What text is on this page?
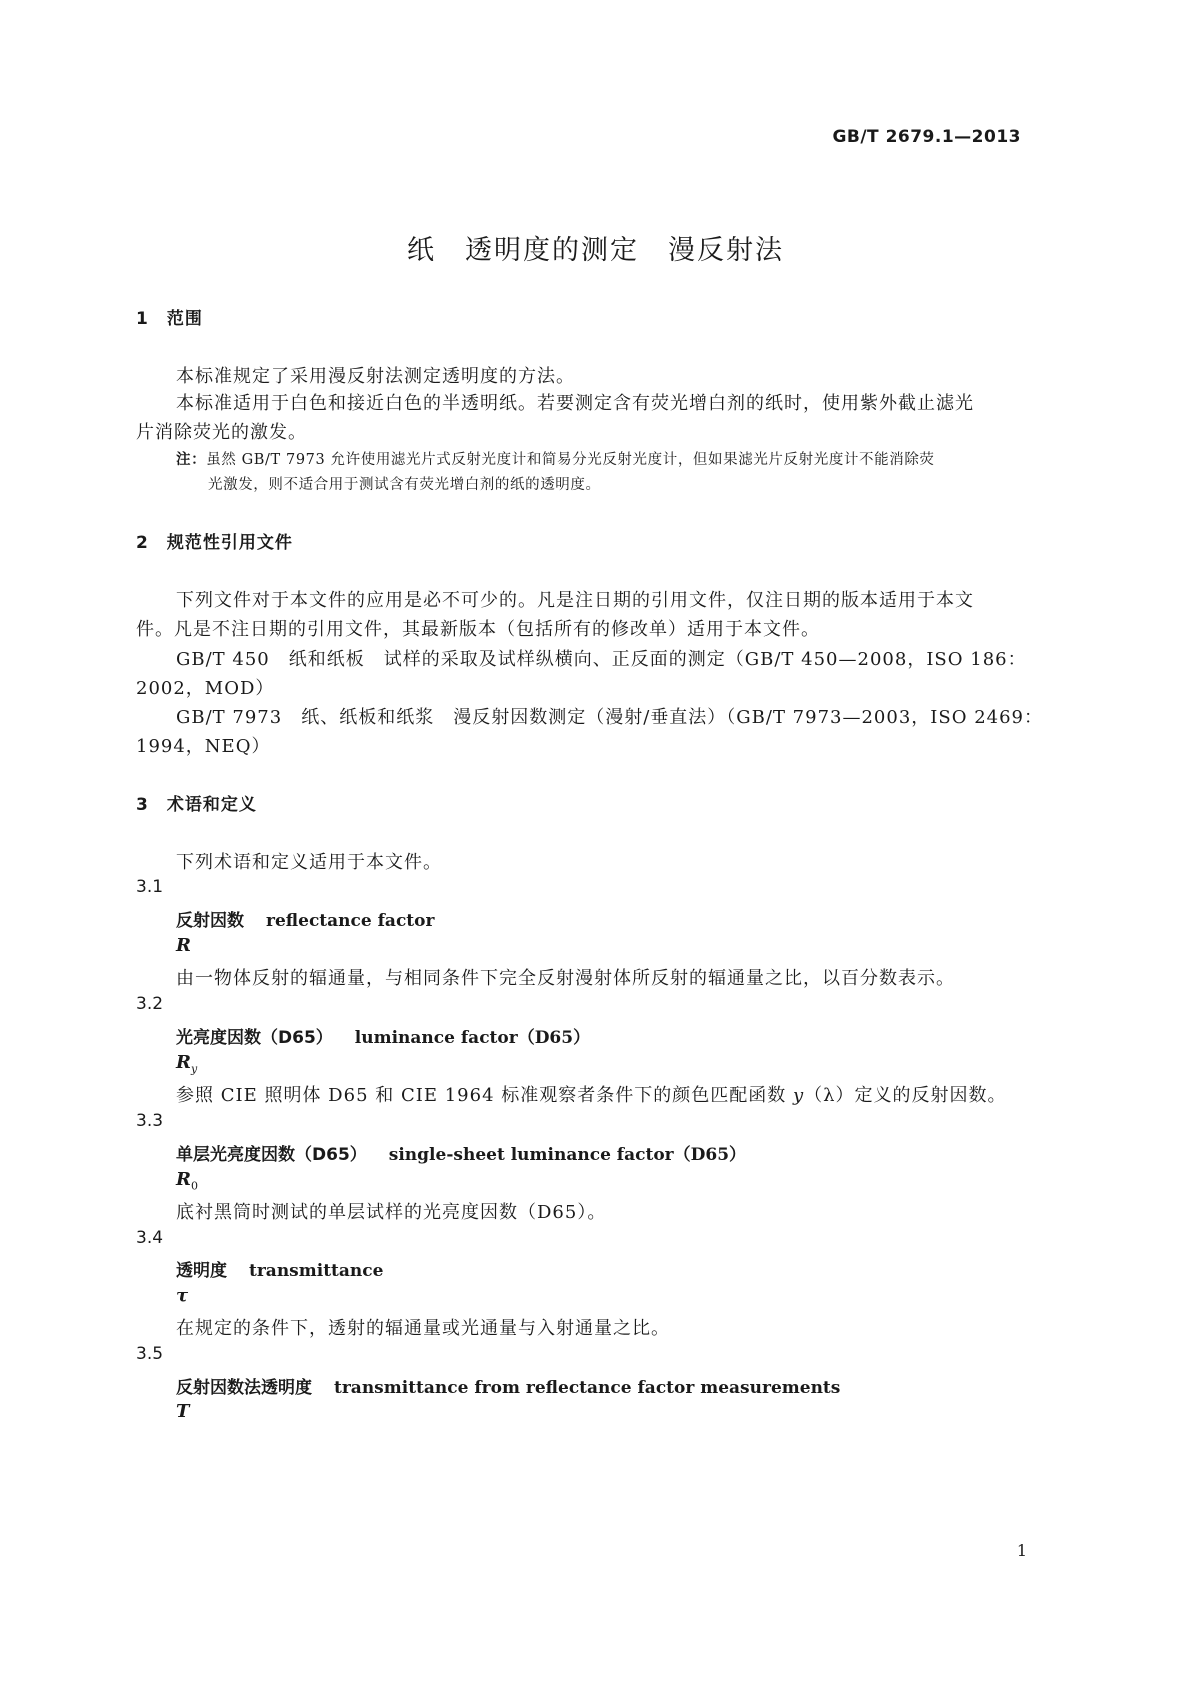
GB/T 2679.1—2013
纸　透明度的测定　漫反射法
1　范围
本标准规定了采用漫反射法测定透明度的方法。
本标准适用于白色和接近白色的半透明纸。若要测定含有荧光增白剂的纸时，使用紫外截止滤光
片消除荧光的激发。
注：虽然 GB/T 7973 允许使用滤光片式反射光度计和简易分光反射光度计，但如果滤光片反射光度计不能消除荧
光激发，则不适合用于测试含有荧光增白剂的纸的透明度。
2　规范性引用文件
下列文件对于本文件的应用是必不可少的。凡是注日期的引用文件，仅注日期的版本适用于本文
件。凡是不注日期的引用文件，其最新版本（包括所有的修改单）适用于本文件。
GB/T 450　纸和纸板　试样的采取及试样纵横向、正反面的测定（GB/T 450—2008，ISO 186：
2002，MOD）
GB/T 7973　纸、纸板和纸浆　漫反射因数测定（漫射/垂直法）（GB/T 7973—2003，ISO 2469：
1994，NEQ）
3　术语和定义
下列术语和定义适用于本文件。
3.1
反射因数 reflectance factor
R
由一物体反射的辐通量，与相同条件下完全反射漫射体所反射的辐通量之比，以百分数表示。
3.2
光亮度因数（D65） luminance factor（D65）
$R_y$
参照 CIE 照明体 D65 和 CIE 1964 标准观察者条件下的颜色匹配函数 y（λ）定义的反射因数。
3.3
单层光亮度因数（D65） single-sheet luminance factor（D65）
$R_0$
底衬黑筒时测试的单层试样的光亮度因数（D65）。
3.4
透明度 transmittance
τ
在规定的条件下，透射的辐通量或光通量与入射通量之比。
3.5
反射因数法透明度 transmittance from reflectance factor measurements
T
1
